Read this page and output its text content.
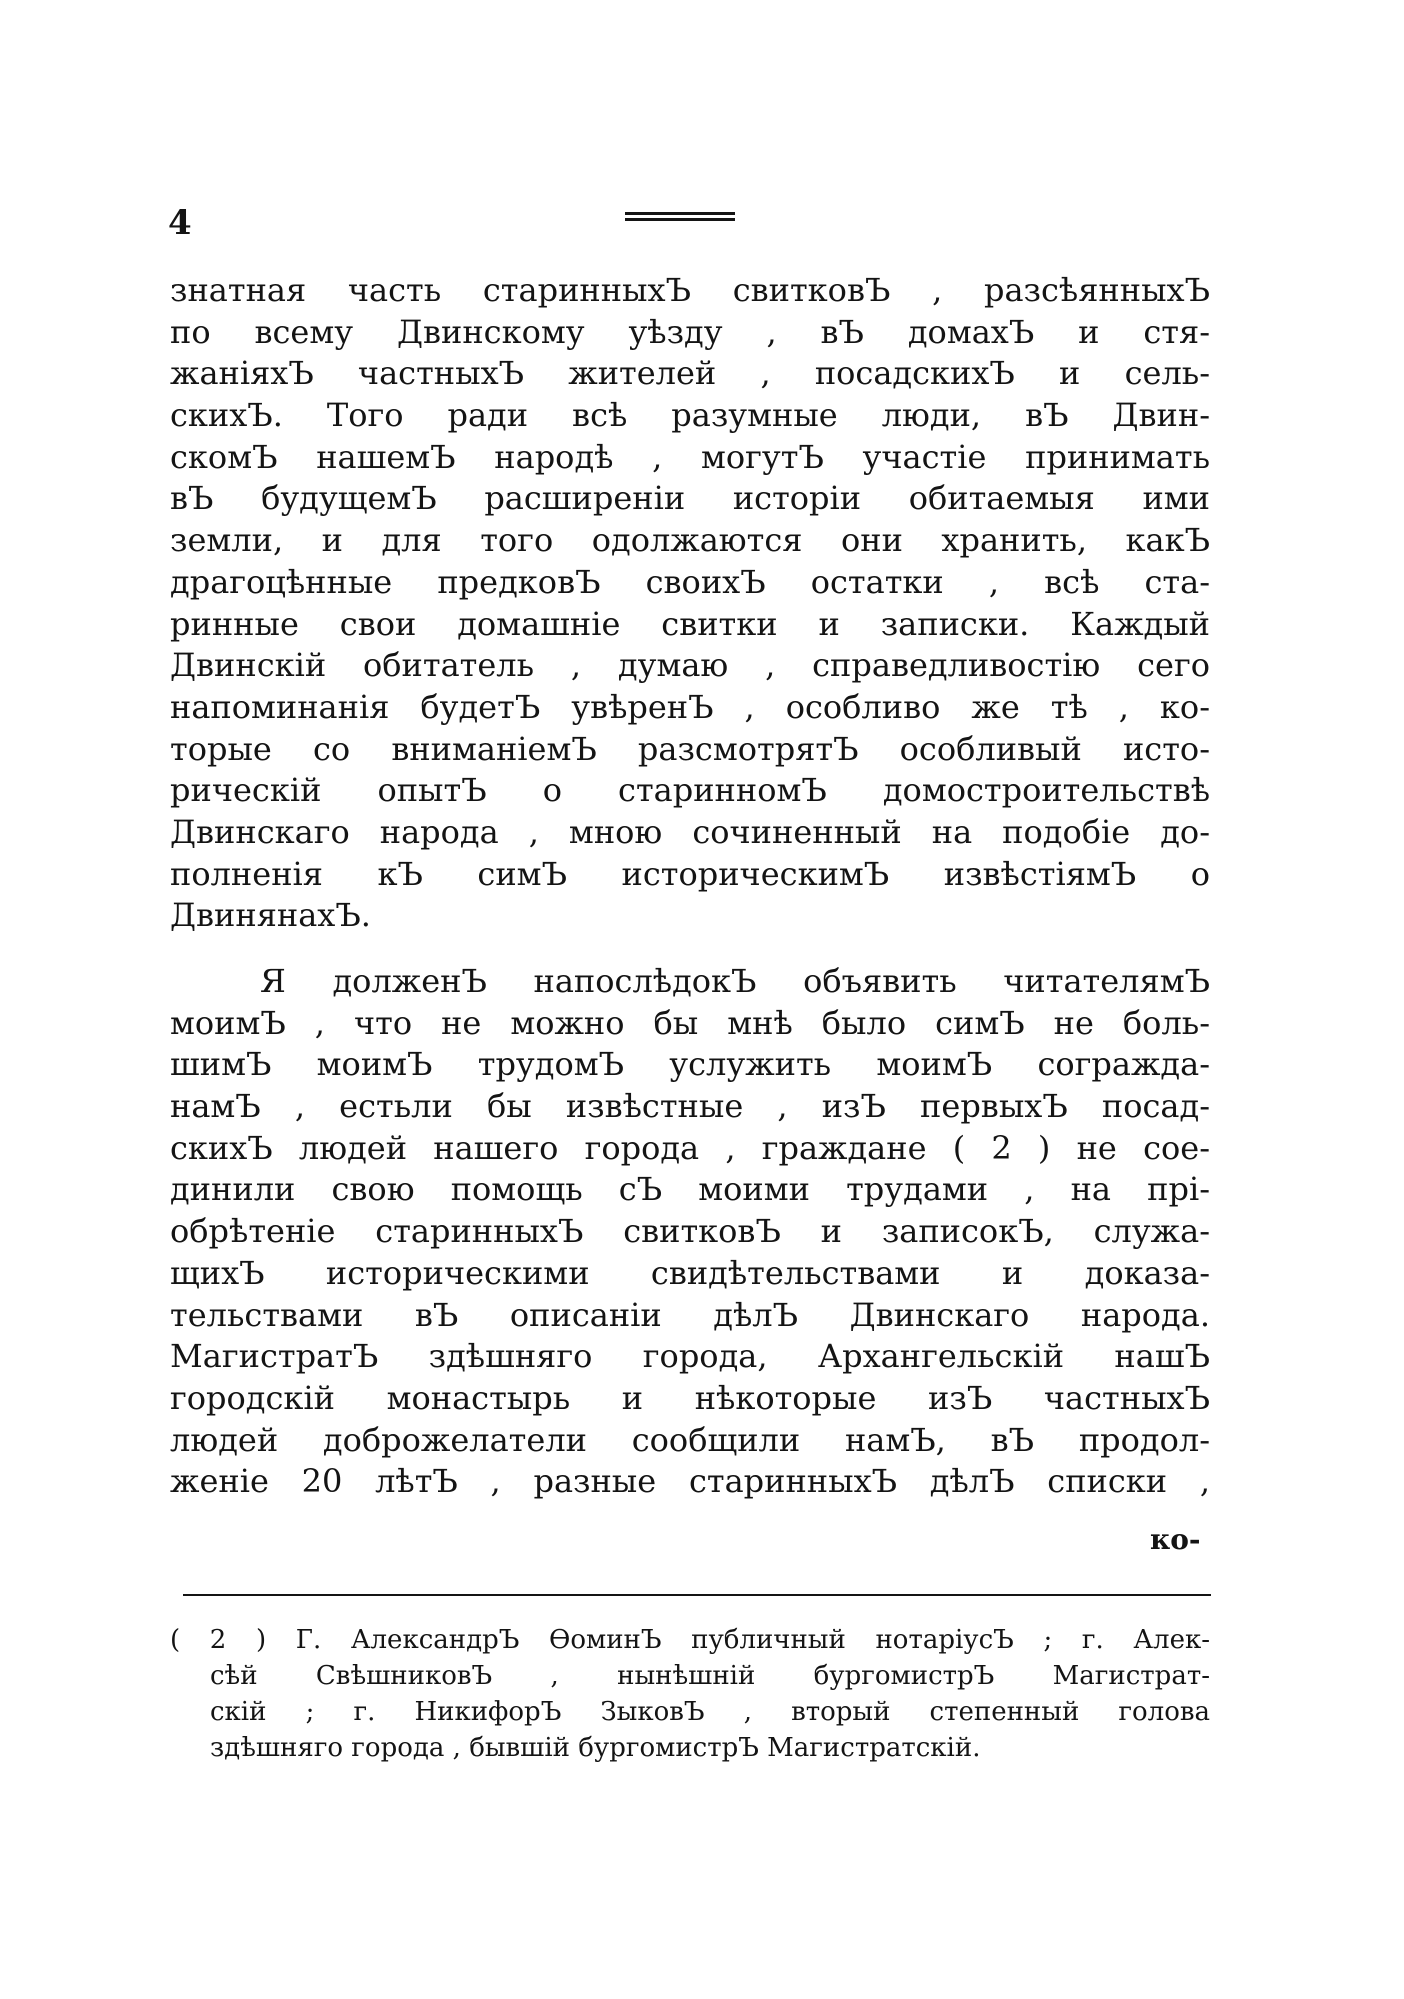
4
знатная часть старинныхЪ свитковЪ , разсѣянныхЪ
по всему Двинскому уѣзду , вЪ домахЪ и стя-
жаніяхЪ частныхЪ жителей , посадскихЪ и сель-
скихЪ. Того ради всѣ разумные люди, вЪ Двин-
скомЪ нашемЪ народѣ , могутЪ участіе принимать
вЪ будущемЪ расширеніи исторіи обитаемыя ими
земли, и для того одолжаются они хранить, какЪ
драгоцѣнные предковЪ своихЪ остатки , всѣ ста-
ринные свои домашніе свитки и записки. Каждый
Двинскій обитатель , думаю , справедливостію сего
напоминанія будетЪ увѣренЪ , особливо же тѣ , ко-
торые со вниманіемЪ разсмотрятЪ особливый исто-
рическій опытЪ о старинномЪ домостроительствѣ
Двинскаго народа , мною сочиненный на подобіе до-
полненія кЪ симЪ историческимЪ извѣстіямЪ о
ДвинянахЪ.
Я долженЪ напослѣдокЪ объявить читателямЪ
моимЪ , что не можно бы мнѣ было симЪ не боль-
шимЪ моимЪ трудомЪ услужить моимЪ согражда-
намЪ , естьли бы извѣстные , изЪ первыхЪ посад-
скихЪ людей нашего города , граждане ( 2 ) не сое-
динили свою помощь сЪ моими трудами , на прі-
обрѣтеніе старинныхЪ свитковЪ и записокЪ, служа-
щихЪ историческими свидѣтельствами и доказа-
тельствами вЪ описаніи дѣлЪ Двинскаго народа.
МагистратЪ здѣшняго города, Архангельскій нашЪ
городскій монастырь и нѣкоторые изЪ частныхЪ
людей доброжелатели сообщили намЪ, вЪ продол-
женіе 20 лѣтЪ , разные старинныхЪ дѣлЪ списки ,
ко-
( 2 ) Г. АлександрЪ ѲоминЪ публичный нотаріусЪ ; г. Алек-
сѣй СвѣшниковЪ , нынѣшній бургомистрЪ Магистрат-
скій ; г. НикифорЪ ЗыковЪ , вторый степенный голова
здѣшняго города , бывшій бургомистрЪ Магистратскій.
